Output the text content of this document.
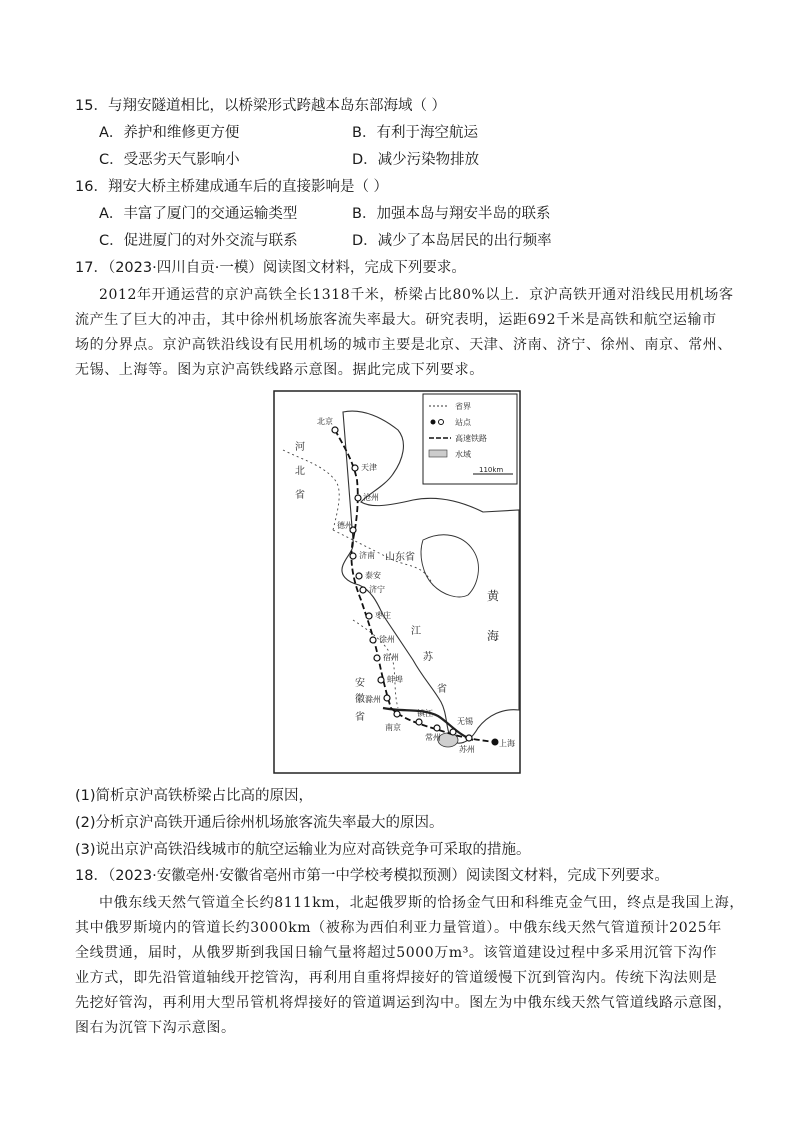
15．与翔安隧道相比，以桥梁形式跨越本岛东部海域（ ）
A．养护和维修更方便	B．有利于海空航运
C．受恶劣天气影响小	D．减少污染物排放
16．翔安大桥主桥建成通车后的直接影响是（ ）
A．丰富了厦门的交通运输类型	B．加强本岛与翔安半岛的联系
C．促进厦门的对外交流与联系	D．减少了本岛居民的出行频率
17．（2023·四川自贡·一模）阅读图文材料，完成下列要求。
2012年开通运营的京沪高铁全长1318千米，桥梁占比80%以上．京沪高铁开通对沿线民用机场客
流产生了巨大的冲击，其中徐州机场旅客流失率最大。研究表明，运距692千米是高铁和航空运输市
场的分界点。京沪高铁沿线设有民用机场的城市主要是北京、天津、济南、济宁、徐州、南京、常州、
无锡、上海等。图为京沪高铁线路示意图。据此完成下列要求。
北京
天津
沧州
德州
济南
泰安
济宁
枣庄
徐州
宿州
蚌埠
滁州
南京
镇江
常州
无锡
苏州
上海
河
北
省
山东省
江
苏
省
安
徽
省
黄
海
省界
站点
高速铁路
水域
110km
(1)简析京沪高铁桥梁占比高的原因，
(2)分析京沪高铁开通后徐州机场旅客流失率最大的原因。
(3)说出京沪高铁沿线城市的航空运输业为应对高铁竞争可采取的措施。
18．（2023·安徽亳州·安徽省亳州市第一中学校考模拟预测）阅读图文材料，完成下列要求。
中俄东线天然气管道全长约8111km，北起俄罗斯的恰扬金气田和科维克金气田，终点是我国上海，
其中俄罗斯境内的管道长约3000km（被称为西伯利亚力量管道）。中俄东线天然气管道预计2025年
全线贯通，届时，从俄罗斯到我国日输气量将超过5000万m³。该管道建设过程中多采用沉管下沟作
业方式，即先沿管道轴线开挖管沟，再利用自重将焊接好的管道缓慢下沉到管沟内。传统下沟法则是
先挖好管沟，再利用大型吊管机将焊接好的管道调运到沟中。图左为中俄东线天然气管道线路示意图，
图右为沉管下沟示意图。
